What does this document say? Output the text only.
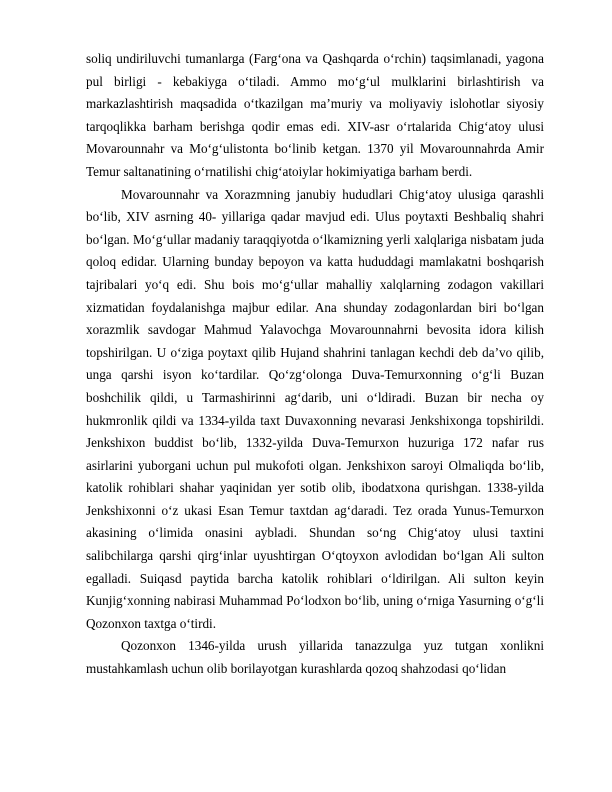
soliq undiriluvchi tumanlarga (Farg‘ona va Qashqarda o‘rchin) taqsimlanadi, yagona pul birligi - kebakiyga o‘tiladi. Ammo mo‘g‘ul mulklarini birlashtirish va markazlashtirish maqsadida o‘tkazilgan ma’muriy va moliyaviy islohotlar siyosiy tarqoqlikka barham berishga qodir emas edi. XIV-asr o‘rtalarida Chig‘atoy ulusi Movarounnahr va Mo‘g‘ulistonta bo‘linib ketgan. 1370 yil Movarounnahrda Amir Temur saltanatining o‘rnatilishi chig‘atoiylar hokimiyatiga barham berdi.

Movarounnahr va Xorazmning janubiy hududlari Chig‘atoy ulusiga qarashli bo‘lib, XIV asrning 40- yillariga qadar mavjud edi. Ulus poytaxti Beshbaliq shahri bo‘lgan. Mo‘g‘ullar madaniy taraqqiyotda o‘lkamizning yerli xalqlariga nisbatam juda qoloq edidar. Ularning bunday bepoyon va katta hududdagi mamlakatni boshqarish tajribalari yo‘q edi. Shu bois mo‘g‘ullar mahalliy xalqlarning zodagon vakillari xizmatidan foydalanishga majbur edilar. Ana shunday zodagonlardan biri bo‘lgan xorazmlik savdogar Mahmud Yalavochga Movarounnahrni bevosita idora kilish topshirilgan. U o‘ziga poytaxt qilib Hujand shahrini tanlagan kechdi deb da’vo qilib, unga qarshi isyon ko‘tardilar. Qo‘zg‘olonga Duva-Temurxonning o‘g‘li Buzan boshchilik qildi, u Tarmashirinni ag‘darib, uni o‘ldiradi. Buzan bir necha oy hukmronlik qildi va 1334-yilda taxt Duvaxonning nevarasi Jenkshixonga topshirildi. Jenkshixon buddist bo‘lib, 1332-yilda Duva-Temurxon huzuriga 172 nafar rus asirlarini yuborgani uchun pul mukofoti olgan. Jenkshixon saroyi Olmaliqda bo‘lib, katolik rohiblari shahar yaqinidan yer sotib olib, ibodatxona qurishgan. 1338-yilda Jenkshixonni o‘z ukasi Esan Temur taxtdan ag‘daradi. Tez orada Yunus-Temurxon akasining o‘limida onasini aybladi. Shundan so‘ng Chig‘atoy ulusi taxtini salibchilarga qarshi qirg‘inlar uyushtirgan O‘qtoyxon avlodidan bo‘lgan Ali sulton egalladi. Suiqasd paytida barcha katolik rohiblari o‘ldirilgan. Ali sulton keyin Kunjig‘xonning nabirasi Muhammad Po‘lodxon bo‘lib, uning o‘rniga Yasurning o‘g‘li Qozonxon taxtga o‘tirdi.

Qozonxon 1346-yilda urush yillarida tanazzulga yuz tutgan xonlikni mustahkamlash uchun olib borilayotgan kurashlarda qozoq shahzodasi qo‘lidan
